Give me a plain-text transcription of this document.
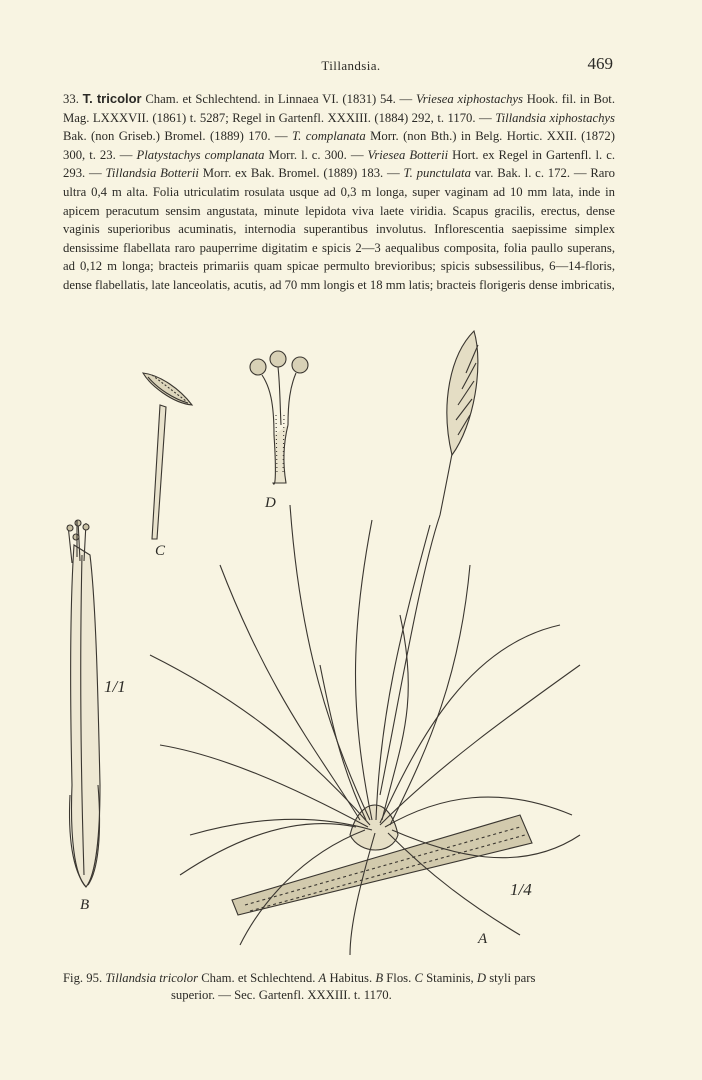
Tillandsia.	469

33. T. tricolor Cham. et Schlechtend. in Linnaea VI. (1831) 54. — Vriesea xiphostachys Hook. fil. in Bot. Mag. LXXXVII. (1861) t. 5287; Regel in Gartenfl. XXXIII. (1884) 292, t. 1170. — Tillandsia xiphostachys Bak. (non Griseb.) Bromel. (1889) 170. — T. complanata Morr. (non Bth.) in Belg. Hortic. XXII. (1872) 300, t. 23. — Platystachys complanata Morr. l. c. 300. — Vriesea Botterii Hort. ex Regel in Gartenfl. l. c. 293. — Tillandsia Botterii Morr. ex Bak. Bromel. (1889) 183. — T. punctulata var. Bak. l. c. 172. — Raro ultra 0,4 m alta. Folia utriculatim rosulata usque ad 0,3 m longa, super vaginam ad 10 mm lata, inde in apicem peracutum sensim angustata, minute lepidota viva laete viridia. Scapus gracilis, erectus, dense vaginis superioribus acuminatis, internodia superantibus involutus. Inflorescentia saepissime simplex densissime flabellata raro pauperrime digitatim e spicis 2—3 aequalibus composita, folia paullo superans, ad 0,12 m longa; bracteis primariis quam spicae permulto brevioribus; spicis subsessilibus, 6—14-floris, dense flabellatis, late lanceolatis, acutis, ad 70 mm longis et 18 mm latis; bracteis florigeris dense imbricatis,

C
D
B
A
1/1
1/4
Fig. 95. Tillandsia tricolor Cham. et Schlechtend. A Habitus. B Flos. C Staminis, D styli pars
superior. — Sec. Gartenfl. XXXIII. t. 1170.
